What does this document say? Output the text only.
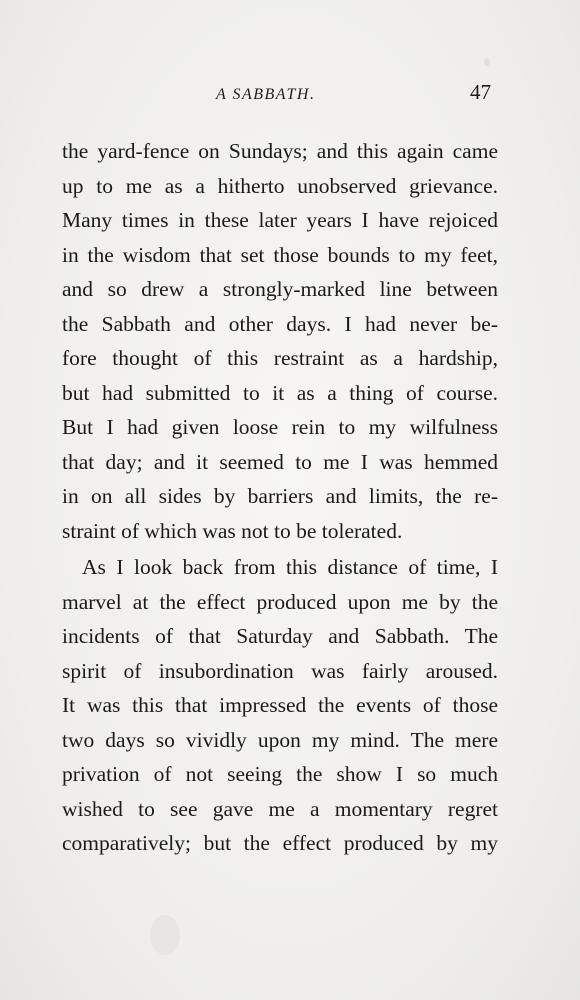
A SABBATH.	47
the yard-fence on Sundays; and this again came
up to me as a hitherto unobserved grievance.
Many times in these later years I have rejoiced
in the wisdom that set those bounds to my feet,
and so drew a strongly-marked line between
the Sabbath and other days. I had never be-
fore thought of this restraint as a hardship,
but had submitted to it as a thing of course.
But I had given loose rein to my wilfulness
that day; and it seemed to me I was hemmed
in on all sides by barriers and limits, the re-
straint of which was not to be tolerated.
As I look back from this distance of time, I
marvel at the effect produced upon me by the
incidents of that Saturday and Sabbath. The
spirit of insubordination was fairly aroused.
It was this that impressed the events of those
two days so vividly upon my mind. The mere
privation of not seeing the show I so much
wished to see gave me a momentary regret
comparatively; but the effect produced by my
